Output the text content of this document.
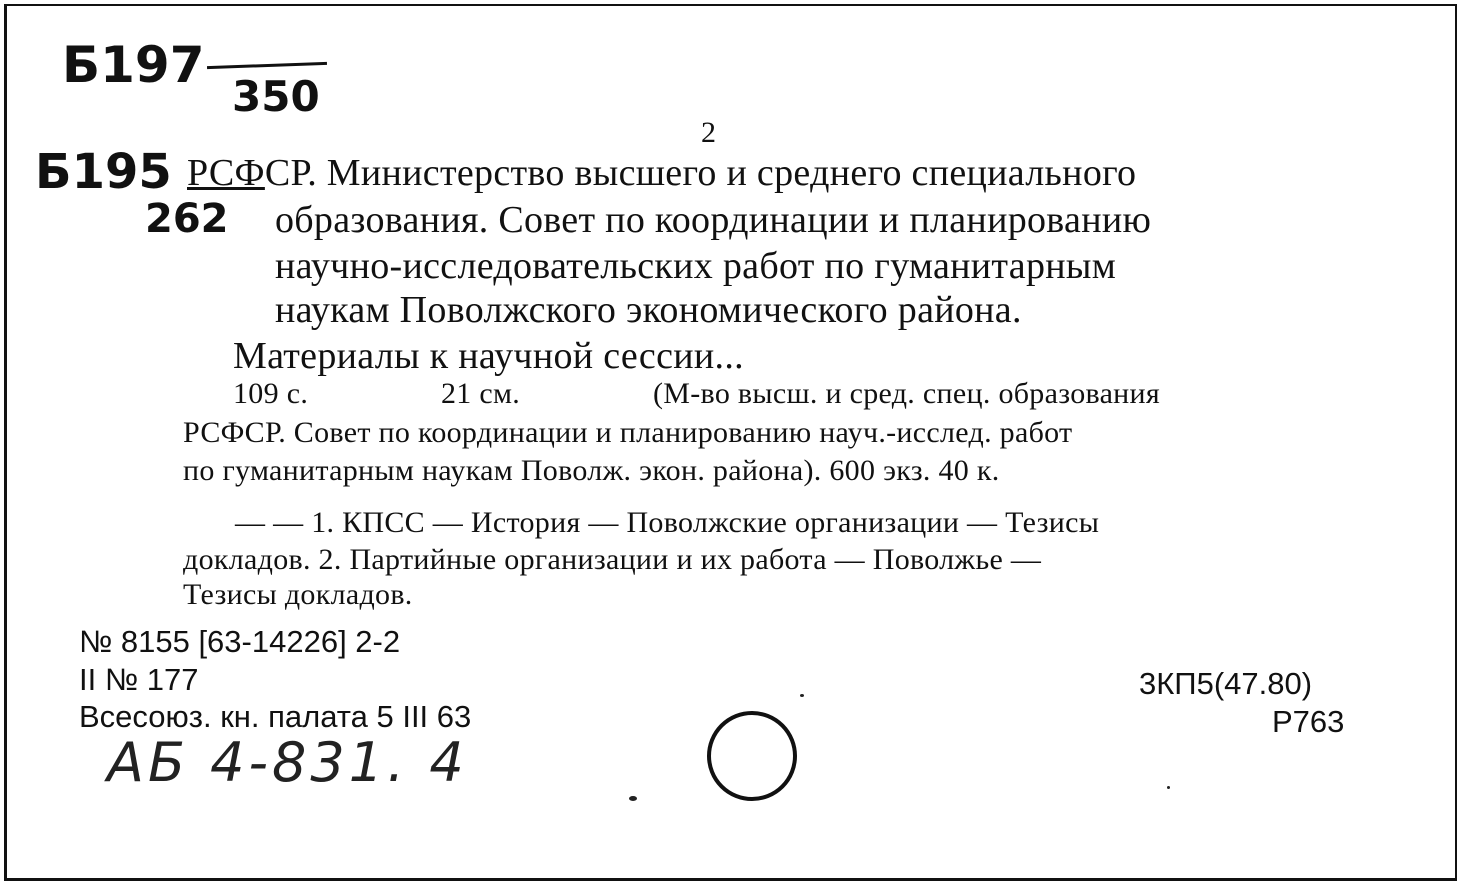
Б197
350
2
Б195
262
РСФСР. Министерство высшего и среднего специального
образования. Совет по координации и планированию
научно-исследовательских работ по гуманитарным
наукам Поволжского экономического района.
Материалы к научной сессии...
109 с.	21 см.	(М-во высш. и сред. спец. образования
РСФСР. Совет по координации и планированию науч.-исслед. работ
по гуманитарным наукам Поволж. экон. района). 600 экз. 40 к.
— — 1. КПСС — История — Поволжские организации — Тезисы
докладов. 2. Партийные организации и их работа — Поволжье —
Тезисы докладов.
№ 8155 [63-14226] 2-2
II № 177
Всесоюз. кн. палата 5 III 63
3КП5(47.80)
Р763
АБ 4-831. 4
